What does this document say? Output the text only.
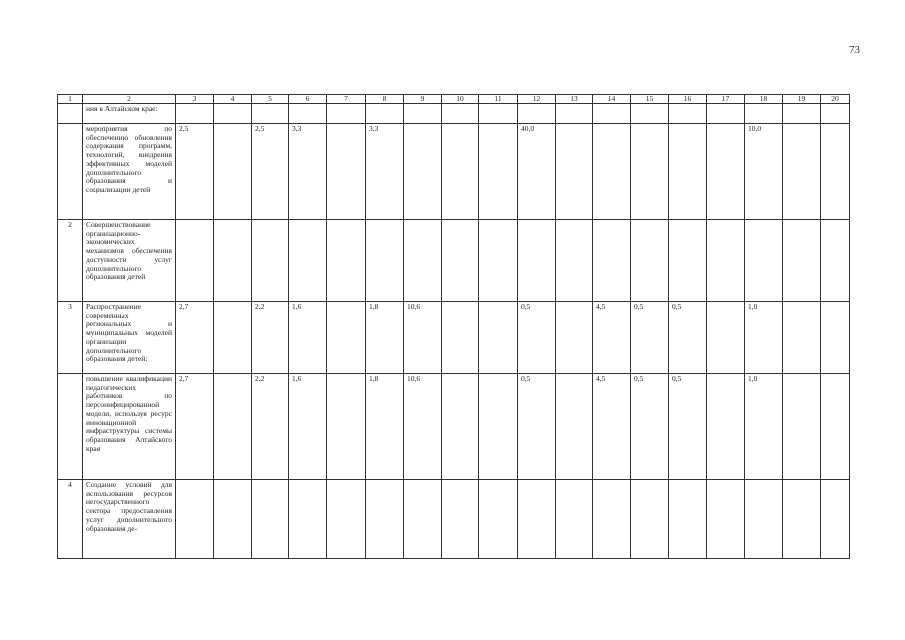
73
1	2	3	4	5	6	7	8	9	10	11	12	13	14	15	16	17	18	19	20
	ния в Алтайском крае:																		
	мероприятия по обеспечению обновления содержания программ, технологий, внедрения эффективных моделей дополнительного образования и социализации детей	2,5		2,5	3,3		3,3				40,0						10,0		
2	Совершенствование организационно-экономических механизмов обеспечения доступности услуг дополнительного образования детей																		
3	Распространение современных региональных и муниципальных моделей организации дополнительного образования детей:	2,7		2,2	1,6		1,8	10,6			0,5		4,5	0,5	0,5		1,0		
	повышение квалификации педагогических работников по персонифицированной модели, используя ресурс инновационной инфраструктуры системы образования Алтайского края	2,7		2,2	1,6		1,8	10,6			0,5		4,5	0,5	0,5		1,0		
4	Создание условий для использования ресурсов негосударственного сектора предоставления услуг дополнительного образования де-																		
